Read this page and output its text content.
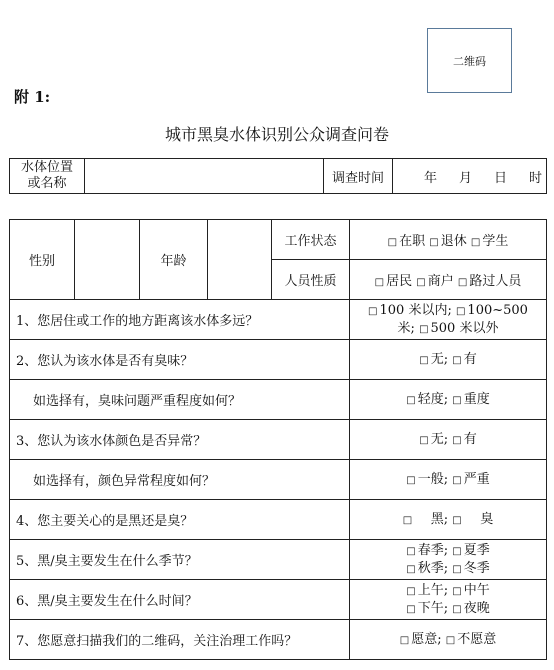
二维码
附 1:
城市黑臭水体识别公众调查问卷
水体位置
或名称		调查时间	年 月 日 时
性别		年龄		工作状态	□ 在职 □ 退休 □ 学生
				人员性质	□ 居民 □ 商户 □ 路过人员
1、您居住或工作的地方距离该水体多远？					□ 100 米以内; □ 100~500
米; □ 500 米以外
2、您认为该水体是否有臭味？					□ 无; □ 有
如选择有，臭味问题严重程度如何？					□ 轻度; □ 重度
3、您认为该水体颜色是否异常？					□ 无; □ 有
如选择有，颜色异常程度如何？					□ 一般; □ 严重
4、您主要关心的是黑还是臭？					□ 黑; □ 臭
5、黑/臭主要发生在什么季节？					□ 春季; □ 夏季
□ 秋季; □ 冬季
6、黑/臭主要发生在什么时间？					□ 上午; □ 中午
□ 下午; □ 夜晚
7、您愿意扫描我们的二维码，关注治理工作吗？					□ 愿意; □ 不愿意
